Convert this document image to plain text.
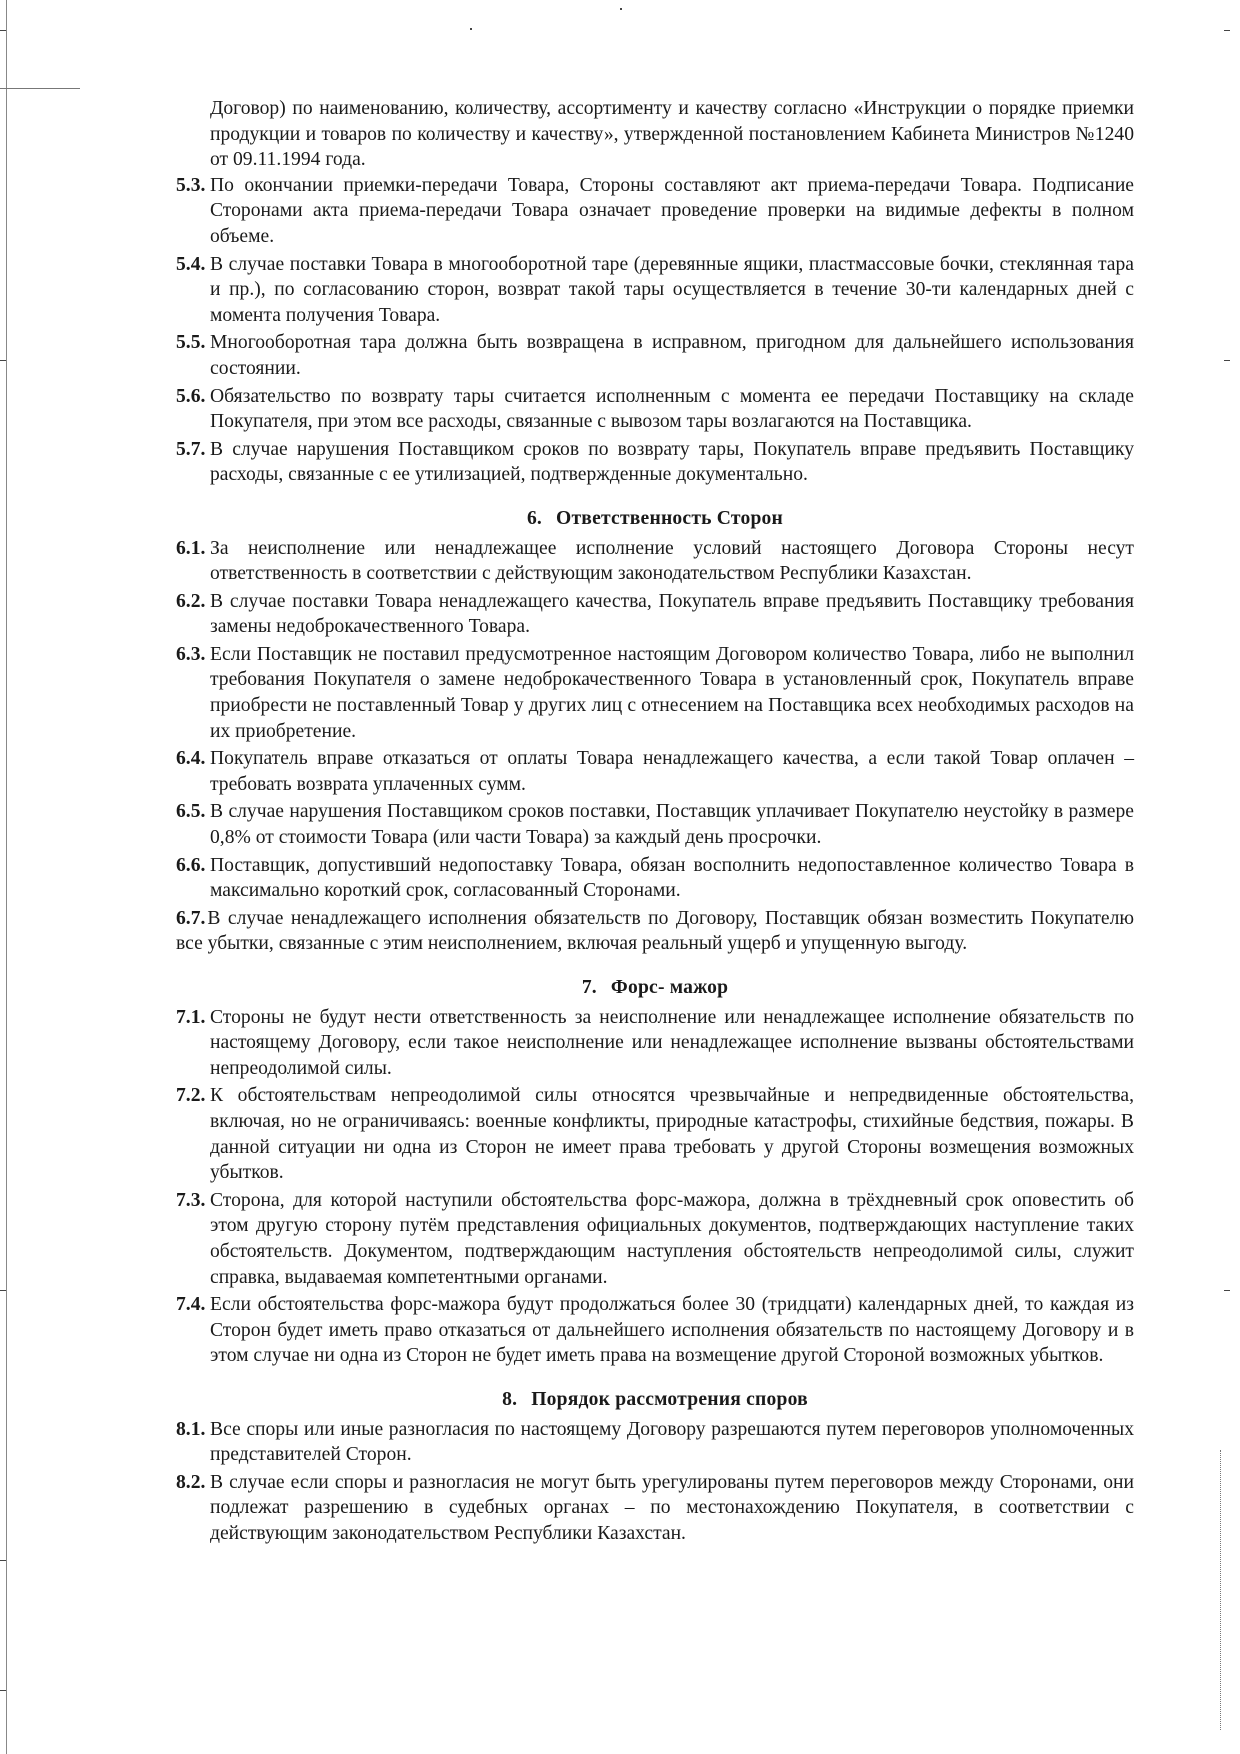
Договор) по наименованию, количеству, ассортименту и качеству согласно «Инструкции о порядке приемки продукции и товаров по количеству и качеству», утвержденной постановлением Кабинета Министров №1240 от 09.11.1994 года.

5.3. По окончании приемки-передачи Товара, Стороны составляют акт приема-передачи Товара. Подписание Сторонами акта приема-передачи Товара означает проведение проверки на видимые дефекты в полном объеме.
5.4. В случае поставки Товара в многооборотной таре (деревянные ящики, пластмассовые бочки, стеклянная тара и пр.), по согласованию сторон, возврат такой тары осуществляется в течение 30-ти календарных дней с момента получения Товара.
5.5. Многооборотная тара должна быть возвращена в исправном, пригодном для дальнейшего использования состоянии.
5.6. Обязательство по возврату тары считается исполненным с момента ее передачи Поставщику на складе Покупателя, при этом все расходы, связанные с вывозом тары возлагаются на Поставщика.
5.7. В случае нарушения Поставщиком сроков по возврату тары, Покупатель вправе предъявить Поставщику расходы, связанные с ее утилизацией, подтвержденные документально.
6. Ответственность Сторон
6.1. За неисполнение или ненадлежащее исполнение условий настоящего Договора Стороны несут ответственность в соответствии с действующим законодательством Республики Казахстан.
6.2. В случае поставки Товара ненадлежащего качества, Покупатель вправе предъявить Поставщику требования замены недоброкачественного Товара.
6.3. Если Поставщик не поставил предусмотренное настоящим Договором количество Товара, либо не выполнил требования Покупателя о замене недоброкачественного Товара в установленный срок, Покупатель вправе приобрести не поставленный Товар у других лиц с отнесением на Поставщика всех необходимых расходов на их приобретение.
6.4. Покупатель вправе отказаться от оплаты Товара ненадлежащего качества, а если такой Товар оплачен – требовать возврата уплаченных сумм.
6.5. В случае нарушения Поставщиком сроков поставки, Поставщик уплачивает Покупателю неустойку в размере 0,8% от стоимости Товара (или части Товара) за каждый день просрочки.
6.6. Поставщик, допустивший недопоставку Товара, обязан восполнить недопоставленное количество Товара в максимально короткий срок, согласованный Сторонами.
6.7. В случае ненадлежащего исполнения обязательств по Договору, Поставщик обязан возместить Покупателю все убытки, связанные с этим неисполнением, включая реальный ущерб и упущенную выгоду.
7. Форс- мажор
7.1. Стороны не будут нести ответственность за неисполнение или ненадлежащее исполнение обязательств по настоящему Договору, если такое неисполнение или ненадлежащее исполнение вызваны обстоятельствами непреодолимой силы.
7.2. К обстоятельствам непреодолимой силы относятся чрезвычайные и непредвиденные обстоятельства, включая, но не ограничиваясь: военные конфликты, природные катастрофы, стихийные бедствия, пожары. В данной ситуации ни одна из Сторон не имеет права требовать у другой Стороны возмещения возможных убытков.
7.3. Сторона, для которой наступили обстоятельства форс-мажора, должна в трёхдневный срок оповестить об этом другую сторону путём представления официальных документов, подтверждающих наступление таких обстоятельств. Документом, подтверждающим наступления обстоятельств непреодолимой силы, служит справка, выдаваемая компетентными органами.
7.4. Если обстоятельства форс-мажора будут продолжаться более 30 (тридцати) календарных дней, то каждая из Сторон будет иметь право отказаться от дальнейшего исполнения обязательств по настоящему Договору и в этом случае ни одна из Сторон не будет иметь права на возмещение другой Стороной возможных убытков.
8. Порядок рассмотрения споров
8.1. Все споры или иные разногласия по настоящему Договору разрешаются путем переговоров уполномоченных представителей Сторон.
8.2. В случае если споры и разногласия не могут быть урегулированы путем переговоров между Сторонами, они подлежат разрешению в судебных органах – по местонахождению Покупателя, в соответствии с действующим законодательством Республики Казахстан.
